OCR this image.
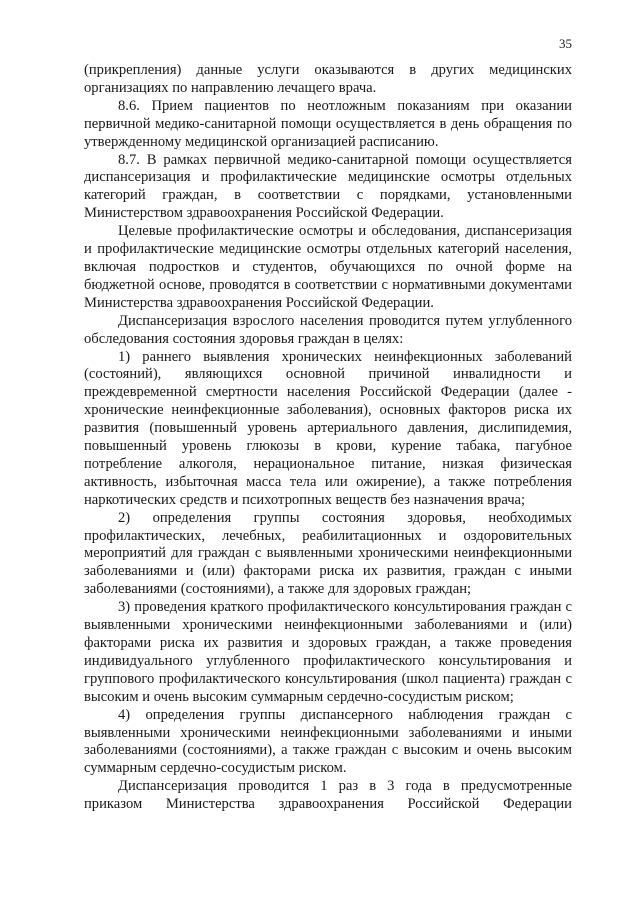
35

(прикрепления) данные услуги оказываются в других медицинских организациях по направлению лечащего врача.

8.6. Прием пациентов по неотложным показаниям при оказании первичной медико-санитарной помощи осуществляется в день обращения по утвержденному медицинской организацией расписанию.

8.7. В рамках первичной медико-санитарной помощи осуществляется диспансеризация и профилактические медицинские осмотры отдельных категорий граждан, в соответствии с порядками, установленными Министерством здравоохранения Российской Федерации.

Целевые профилактические осмотры и обследования, диспансеризация и профилактические медицинские осмотры отдельных категорий населения, включая подростков и студентов, обучающихся по очной форме на бюджетной основе, проводятся в соответствии с нормативными документами Министерства здравоохранения Российской Федерации.

Диспансеризация взрослого населения проводится путем углубленного обследования состояния здоровья граждан в целях:

1) раннего выявления хронических неинфекционных заболеваний (состояний), являющихся основной причиной инвалидности и преждевременной смертности населения Российской Федерации (далее - хронические неинфекционные заболевания), основных факторов риска их развития (повышенный уровень артериального давления, дислипидемия, повышенный уровень глюкозы в крови, курение табака, пагубное потребление алкоголя, нерациональное питание, низкая физическая активность, избыточная масса тела или ожирение), а также потребления наркотических средств и психотропных веществ без назначения врача;

2) определения группы состояния здоровья, необходимых профилактических, лечебных, реабилитационных и оздоровительных мероприятий для граждан с выявленными хроническими неинфекционными заболеваниями и (или) факторами риска их развития, граждан с иными заболеваниями (состояниями), а также для здоровых граждан;

3) проведения краткого профилактического консультирования граждан с выявленными хроническими неинфекционными заболеваниями и (или) факторами риска их развития и здоровых граждан, а также проведения индивидуального углубленного профилактического консультирования и группового профилактического консультирования (школ пациента) граждан с высоким и очень высоким суммарным сердечно-сосудистым риском;

4) определения группы диспансерного наблюдения граждан с выявленными хроническими неинфекционными заболеваниями и иными заболеваниями (состояниями), а также граждан с высоким и очень высоким суммарным сердечно-сосудистым риском.

Диспансеризация проводится 1 раз в 3 года в предусмотренные приказом Министерства здравоохранения Российской Федерации
